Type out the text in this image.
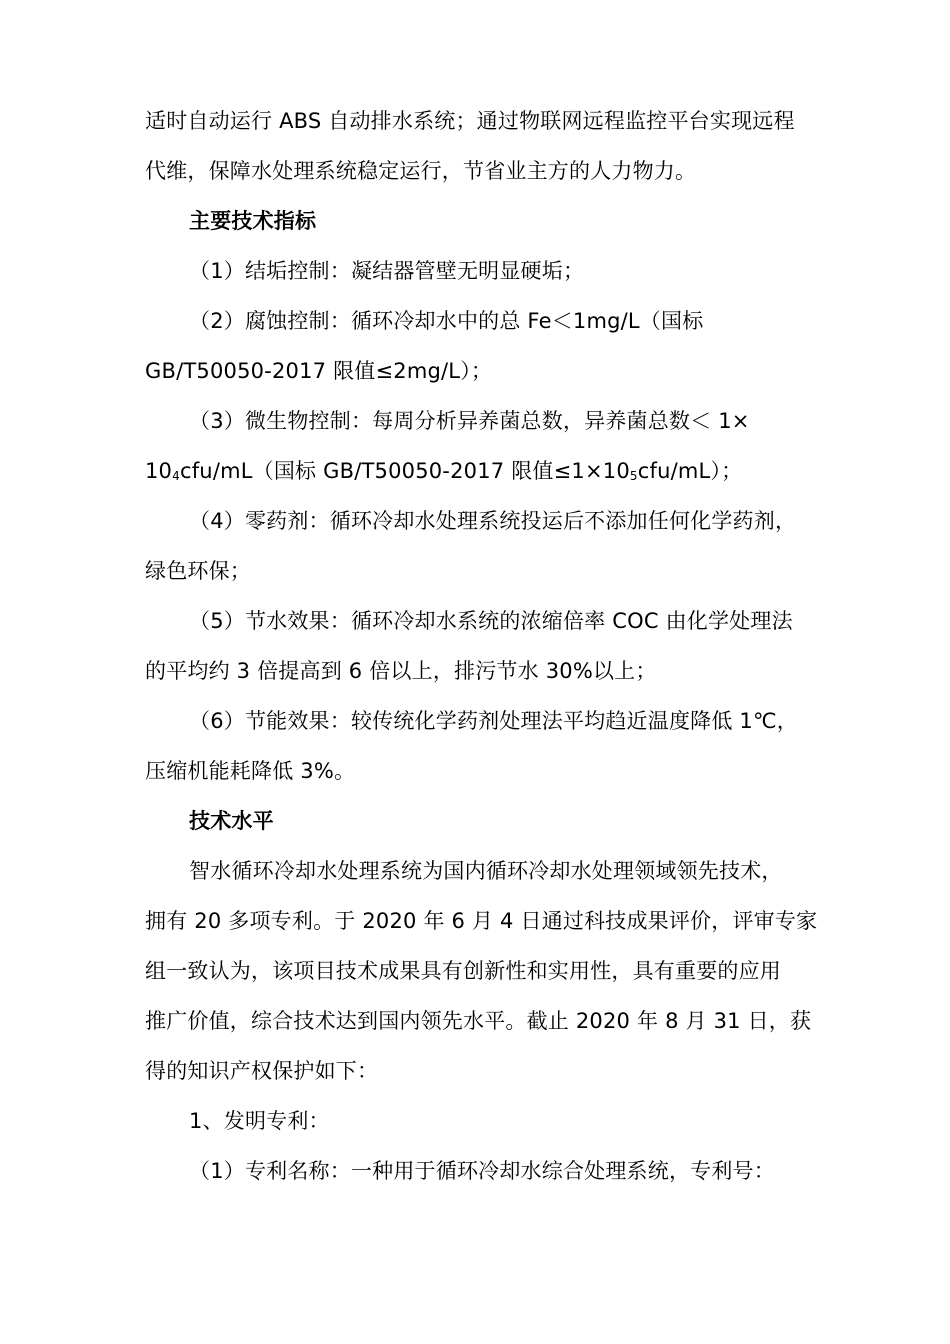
适时自动运行 ABS 自动排水系统；通过物联网远程监控平台实现远程
代维，保障水处理系统稳定运行，节省业主方的人力物力。
主要技术指标
（1）结垢控制：凝结器管壁无明显硬垢；
（2）腐蚀控制：循环冷却水中的总 Fe＜1mg/L（国标
GB/T50050-2017 限值≤2mg/L）；
（3）微生物控制：每周分析异养菌总数，异养菌总数＜ 1×
$10_4cfu/mL$（国标 GB/T50050-2017 限值$\le 1\times 10_5cfu/mL$）；
（4）零药剂：循环冷却水处理系统投运后不添加任何化学药剂，
绿色环保；
（5）节水效果：循环冷却水系统的浓缩倍率 COC 由化学处理法
的平均约 3 倍提高到 6 倍以上，排污节水 30%以上；
（6）节能效果：较传统化学药剂处理法平均趋近温度降低 1℃，
压缩机能耗降低 3%。
技术水平
智水循环冷却水处理系统为国内循环冷却水处理领域领先技术，
拥有 20 多项专利。于 2020 年 6 月 4 日通过科技成果评价，评审专家
组一致认为，该项目技术成果具有创新性和实用性，具有重要的应用
推广价值，综合技术达到国内领先水平。截止 2020 年 8 月 31 日，获
得的知识产权保护如下：
1、发明专利：
（1）专利名称：一种用于循环冷却水综合处理系统，专利号：
